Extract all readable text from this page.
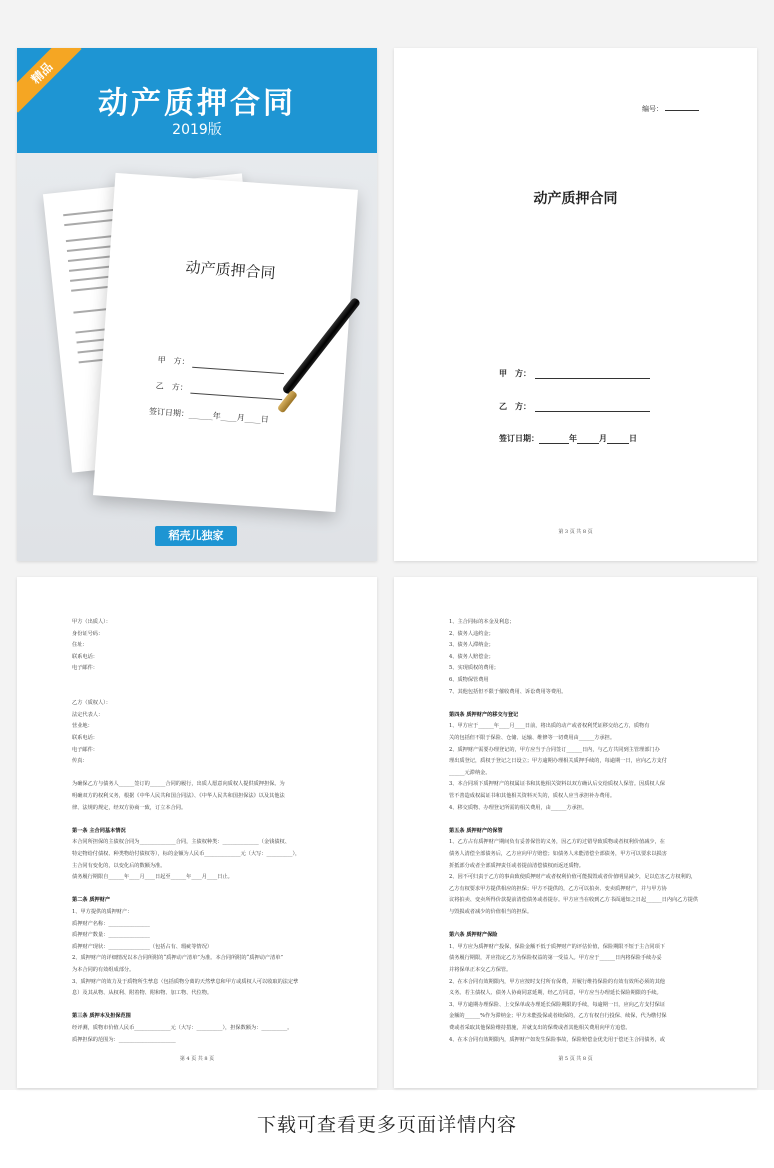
精品
动产质押合同
2019版
动产质押合同
甲　方：
乙　方：
签订日期：______年____月____日
稻壳儿独家
编号：
动产质押合同
甲　方：
乙　方：
签订日期：	年	月	日
第 3 页 共 8 页
甲方（出质人）：
身份证号码：
住址：
联系电话：
电子邮件：
乙方（质权人）：
法定代表人：
营业地：
联系电话：
电子邮件：
传真：
为确保乙方与债务人______签订的______合同的履行，出质人愿意向质权人提供质押担保。为
明确双方的权利义务，根据《中华人民共和国合同法》、《中华人民共和国担保法》以及其他法
律、法规的规定，经双方协商一致，订立本合同。
第一条 主合同基本情况
本合同所担保的主债权合同为______________合同，主债权种类：______________（金钱债权、
特定物给付债权、种类物给付债权等），标的金额为人民币______________元（大写：__________），
主合同有变化的，以变化后的数额为准。
债务履行期限自______年____月____日起至______年____月____日止。
第二条 质押财产
1、甲方提供的质押财产：
质押财产名称：________________
质押财产数量：________________
质押财产现状：________________（包括占有、瑕疵等情况）
2、质押财产的详细情况以本合同所附的“质押动产清单”为准。本合同所附的“质押动产清单”
为本合同的有效组成部分。
3、质押财产的效力及于质物所生孳息（包括质物分离的天然孳息和甲方或质权人可以收取的法定孳
息）及其从物、从权利、附着物、附和物、加工物、代位物。
第三条 质押本及担保范围
经评测，质物市价值人民币______________元（大写：__________），担保数额为：__________。
质押担保的范围为：______________________
第 4 页 共 8 页
1、主合同标的本金及利息；
2、债务人违约金；
3、债务人滞纳金；
4、债务人赔偿金；
5、实现质权的费用；
6、质物保管费用
7、其他包括但不限于催收费用、诉讼费用等费用。
第四条 质押财产的移交与登记
1、甲方应于______年____月____日前，将出质的动产或者权利凭证移交给乙方，质物有
关的包括但不限于保险、仓储、运输、维修等一切费用由______方承担。
2、质押财产需要办理登记的，甲方应当于合同签订______日内，与乙方共同到主管理部门办
理出质登记，质权于登记之日设立；甲方逾期办理相关质押手续的，每逾期一日，应向乙方支付
______元滞纳金。
3、本合同项下质押财产的权属证书和其他相关资料以双方确认后交给质权人保管。因质权人保
管不善造成权属证书和其他相关资料灭失的，质权人应当承担补办费用。
4、移交质物、办理登记所需的相关费用，由______方承担。
第五条 质押财产的保管
1、乙方占有质押财产期间负有妥善保管的义务，因乙方的过错导致质物或者权利价值减少，在
债务人清偿全部债务后，乙方应向甲方赔偿；如债务人未能清偿全部债务，甲方可以要求以损害
折抵部分或者全部质押责任或者提前清偿债权而返还质物。
2、因不可归责于乙方的事由致使质押财产或者权利价值可能损毁或者价值明显减少，足以危害乙方权利的，
乙方有权要求甲方提供相应的担保；甲方不提供的，乙方可以拍卖、变卖质押财产，并与甲方协
议将拍卖、变卖所得价款提前清偿债务或者提存。甲方应当在收到乙方书面通知之日起______日内向乙方提供
与毁损或者减少的价值相当的担保。
第六条 质押财产保险
1、甲方应为质押财产投保，保险金额不低于质押财产的评估价值，保险期限不短于主合同项下
债务履行期限，并应指定乙方为保险权益的第一受益人。甲方应于______日内将保险手续办妥
并将保单正本交乙方保管。
2、在本合同有效期限内，甲方应按时支付所有保费，并履行维持保险的有效有效所必须的其他
义务。若主债权人、债务人协商同意延期，经乙方同意，甲方应当办理延长保险期限的手续。
3、甲方逾期办理保险、上交保单或办理延长保险期限的手续，每逾期一日，应向乙方支付保证
金额的______%作为滞纳金；甲方未能投保或者续保的，乙方有权自行投保、续保，代为缴付保
费或者采取其他保险维持措施，并就支出的保费或者其他相关费用向甲方追偿。
4、在本合同有效期限内，质押财产如发生保险事故，保险赔偿金优先用于偿还主合同债务，或
第 5 页 共 8 页
下载可查看更多页面详情内容
